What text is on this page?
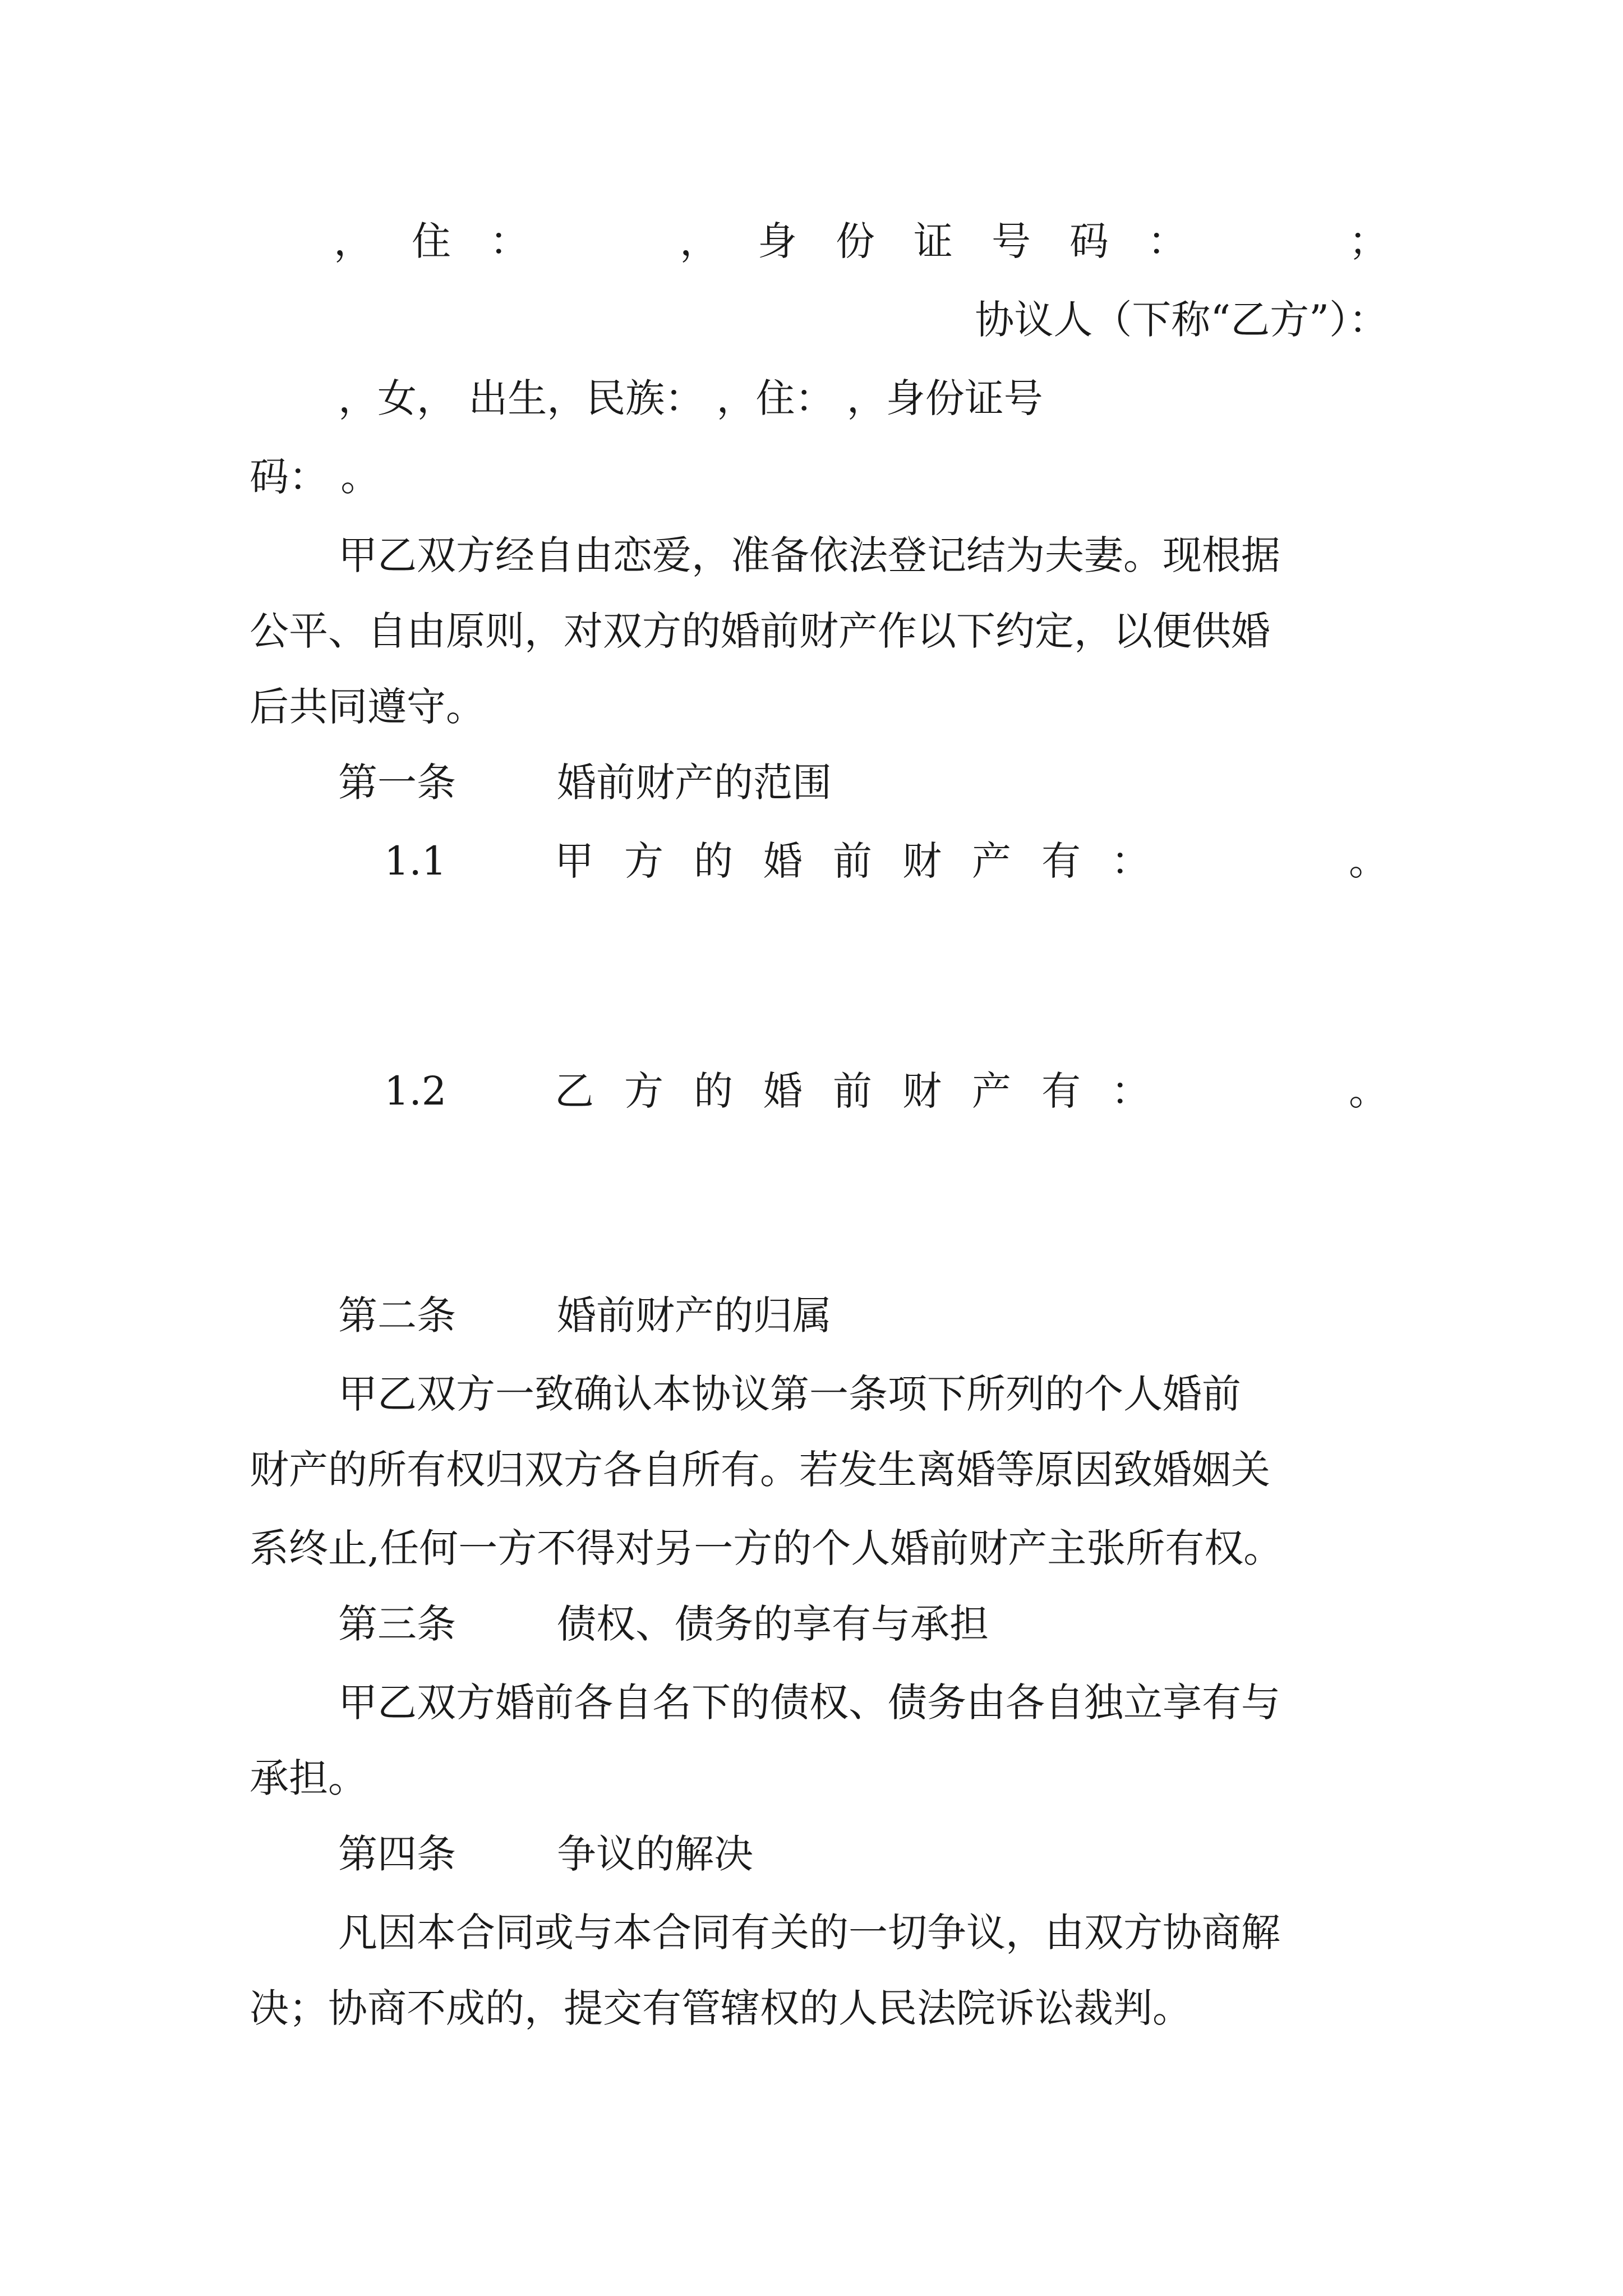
， 住 ：	， 身 份 证 号 码 ：	；
协议人（下称“乙方”）：
，女， 出生，民族： ，住： ，身份证号
码： 。
甲乙双方经自由恋爱，准备依法登记结为夫妻。现根据
公平、自由原则，对双方的婚前财产作以下约定，以便供婚
后共同遵守。
第一条	婚前财产的范围
1.1	甲 方 的 婚 前 财 产 有 ：	。
1.2	乙 方 的 婚 前 财 产 有 ：	。
第二条	婚前财产的归属
甲乙双方一致确认本协议第一条项下所列的个人婚前
财产的所有权归双方各自所有。若发生离婚等原因致婚姻关
系终止,任何一方不得对另一方的个人婚前财产主张所有权。
第三条	债权、债务的享有与承担
甲乙双方婚前各自名下的债权、债务由各自独立享有与
承担。
第四条	争议的解决
凡因本合同或与本合同有关的一切争议，由双方协商解
决；协商不成的，提交有管辖权的人民法院诉讼裁判。
